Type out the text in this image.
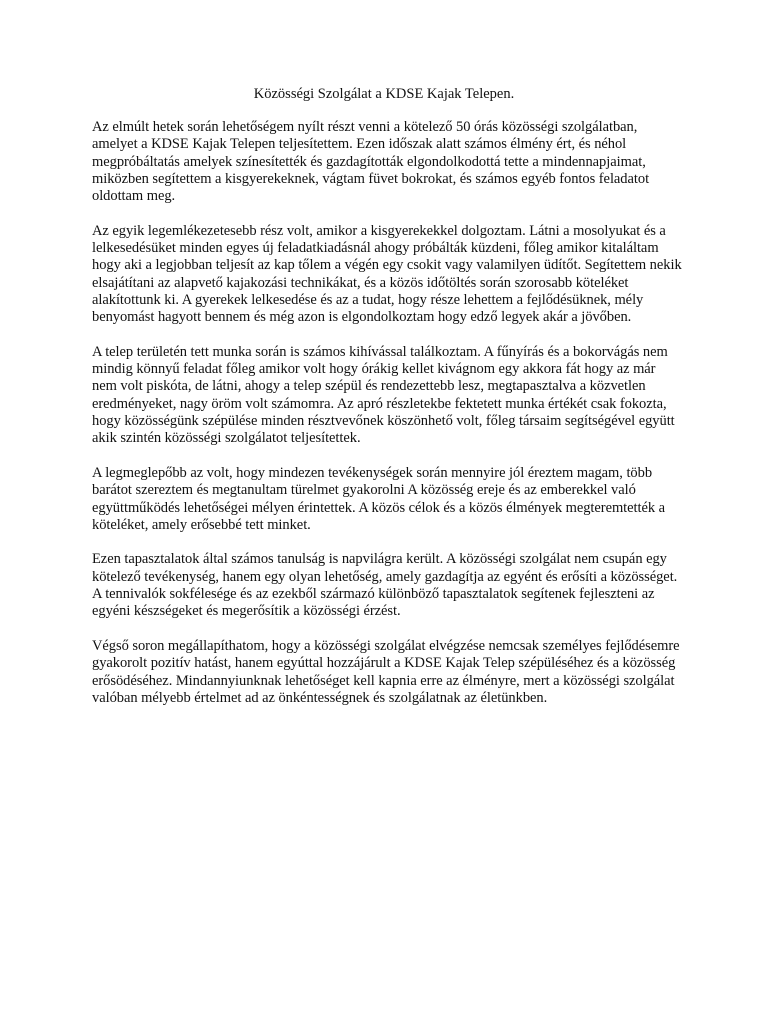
Közösségi Szolgálat a KDSE Kajak Telepen.

Az elmúlt hetek során lehetőségem nyílt részt venni a kötelező 50 órás közösségi szolgálatban, amelyet a KDSE Kajak Telepen teljesítettem. Ezen időszak alatt számos élmény ért, és néhol megpróbáltatás amelyek színesítették és gazdagították elgondolkodottá tette a mindennapjaimat, miközben segítettem a kisgyerekeknek, vágtam füvet bokrokat, és számos egyéb fontos feladatot oldottam meg.

Az egyik legemlékezetesebb rész volt, amikor a kisgyerekekkel dolgoztam. Látni a mosolyukat és a lelkesedésüket minden egyes új feladatkiadásnál ahogy próbálták küzdeni, főleg amikor kitaláltam hogy aki a legjobban teljesít az kap tőlem a végén egy csokit vagy valamilyen üdítőt. Segítettem nekik elsajátítani az alapvető kajakozási technikákat, és a közös időtöltés során szorosabb köteléket alakítottunk ki. A gyerekek lelkesedése és az a tudat, hogy része lehettem a fejlődésüknek, mély benyomást hagyott bennem és még azon is elgondolkoztam hogy edző legyek akár a jövőben.

A telep területén tett munka során is számos kihívással találkoztam. A fűnyírás és a bokorvágás nem mindig könnyű feladat főleg amikor volt hogy órákig kellet kivágnom egy akkora fát hogy az már nem volt piskóta, de látni, ahogy a telep szépül és rendezettebb lesz, megtapasztalva a közvetlen eredményeket, nagy öröm volt számomra. Az apró részletekbe fektetett munka értékét csak fokozta, hogy közösségünk szépülése minden résztvevőnek köszönhető volt, főleg társaim segítségével együtt akik szintén közösségi szolgálatot teljesítettek.

A legmeglepőbb az volt, hogy mindezen tevékenységek során mennyire jól éreztem magam, több barátot szereztem és megtanultam türelmet gyakorolni A közösség ereje és az emberekkel való együttműködés lehetőségei mélyen érintettek. A közös célok és a közös élmények megteremtették a köteléket, amely erősebbé tett minket.

Ezen tapasztalatok által számos tanulság is napvilágra került. A közösségi szolgálat nem csupán egy kötelező tevékenység, hanem egy olyan lehetőség, amely gazdagítja az egyént és erősíti a közösséget. A tennivalók sokfélesége és az ezekből származó különböző tapasztalatok segítenek fejleszteni az egyéni készségeket és megerősítik a közösségi érzést.

Végső soron megállapíthatom, hogy a közösségi szolgálat elvégzése nemcsak személyes fejlődésemre gyakorolt pozitív hatást, hanem egyúttal hozzájárult a KDSE Kajak Telep szépüléséhez és a közösség erősödéséhez. Mindannyiunknak lehetőséget kell kapnia erre az élményre, mert a közösségi szolgálat valóban mélyebb értelmet ad az önkéntességnek és szolgálatnak az életünkben.
